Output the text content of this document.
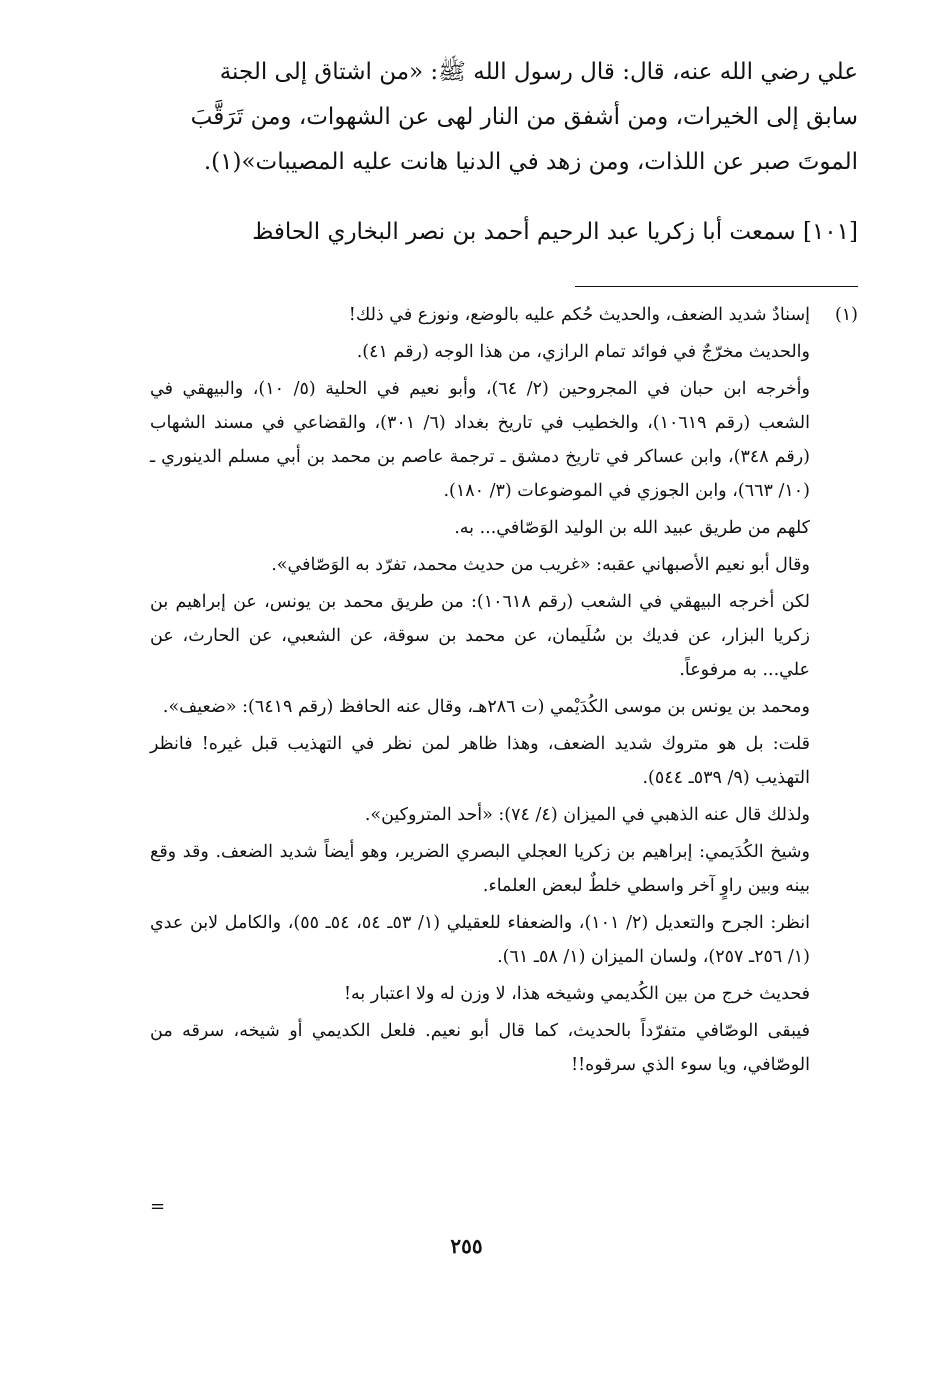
علي رضي الله عنه، قال: قال رسول الله ﷺ: «من اشتاق إلى الجنة

سابق إلى الخيرات، ومن أشفق من النار لهى عن الشهوات، ومن تَرَقَّبَ

الموتَ صبر عن اللذات، ومن زهد في الدنيا هانت عليه المصيبات»(١).

[١٠١] سمعت أبا زكريا عبد الرحيم أحمد بن نصر البخاري الحافظ
(١)

إسنادٌ شديد الضعف، والحديث حُكم عليه بالوضع، ونوزع في ذلك!

والحديث مخرّجٌ في فوائد تمام الرازي، من هذا الوجه (رقم ٤١).

وأخرجه ابن حبان في المجروحين (٢/ ٦٤)، وأبو نعيم في الحلية (٥/ ١٠)، والبيهقي في الشعب (رقم ١٠٦١٩)، والخطيب في تاريخ بغداد (٦/ ٣٠١)، والقضاعي في مسند الشهاب (رقم ٣٤٨)، وابن عساكر في تاريخ دمشق ـ ترجمة عاصم بن محمد بن أبي مسلم الدينوري ـ (١٠/ ٦٦٣)، وابن الجوزي في الموضوعات (٣/ ١٨٠).

كلهم من طريق عبيد الله بن الوليد الوَصّافي... به.

وقال أبو نعيم الأصبهاني عقبه: «غريب من حديث محمد، تفرّد به الوَصّافي».

لكن أخرجه البيهقي في الشعب (رقم ١٠٦١٨): من طريق محمد بن يونس، عن إبراهيم بن زكريا البزار، عن فديك بن سُلَيمان، عن محمد بن سوقة، عن الشعبي، عن الحارث، عن علي... به مرفوعاً.

ومحمد بن يونس بن موسى الكُدَيْمي (ت ٢٨٦هـ، وقال عنه الحافظ (رقم ٦٤١٩): «ضعيف».

قلت: بل هو متروك شديد الضعف، وهذا ظاهر لمن نظر في التهذيب قبل غيره! فانظر التهذيب (٩/ ٥٣٩ـ ٥٤٤).

ولذلك قال عنه الذهبي في الميزان (٤/ ٧٤): «أحد المتروكين».

وشيخ الكُدَيمي: إبراهيم بن زكريا العجلي البصري الضرير، وهو أيضاً شديد الضعف. وقد وقع بينه وبين راوٍ آخر واسطي خلطٌ لبعض العلماء.

انظر: الجرح والتعديل (٢/ ١٠١)، والضعفاء للعقيلي (١/ ٥٣ـ ٥٤، ٥٤ـ ٥٥)، والكامل لابن عدي (١/ ٢٥٦ـ ٢٥٧)، ولسان الميزان (١/ ٥٨ـ ٦١).

فحديث خرج من بين الكُديمي وشيخه هذا، لا وزن له ولا اعتبار به!

فيبقى الوصّافي متفرّداً بالحديث، كما قال أبو نعيم. فلعل الكديمي أو شيخه، سرقه من الوصّافي، ويا سوء الذي سرقوه!!

=
٢٥٥
